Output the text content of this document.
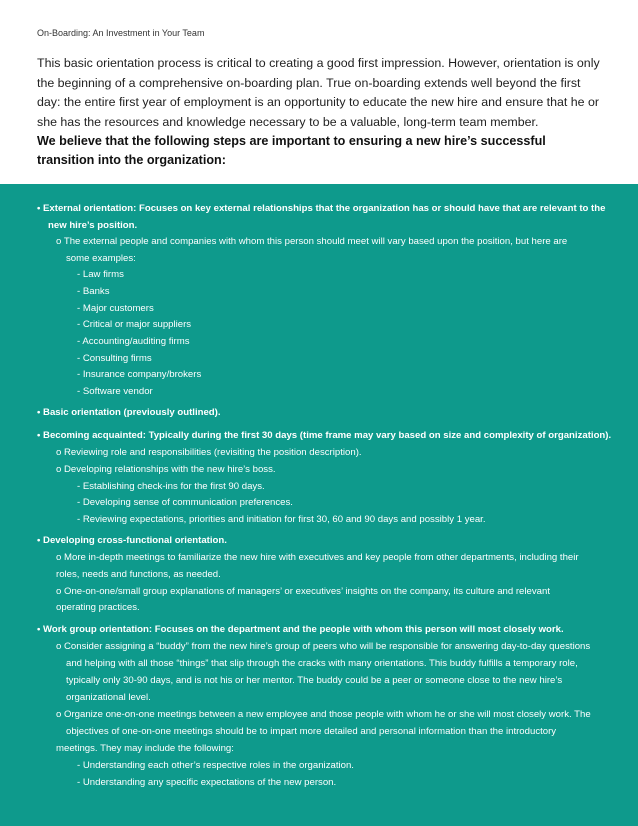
On-Boarding: An Investment in Your Team

This basic orientation process is critical to creating a good first impression. However, orientation is only the beginning of a comprehensive on-boarding plan. True on-boarding extends well beyond the first day: the entire first year of employment is an opportunity to educate the new hire and ensure that he or she has the resources and knowledge necessary to be a valuable, long-term team member.

We believe that the following steps are important to ensuring a new hire’s successful transition into the organization:

• External orientation: Focuses on key external relationships that the organization has or should have that are relevant to the
new hire’s position.
o The external people and companies with whom this person should meet will vary based upon the position, but here are
some examples:
- Law firms
- Banks
- Major customers
- Critical or major suppliers
- Accounting/auditing firms
- Consulting firms
- Insurance company/brokers
- Software vendor
• Basic orientation (previously outlined).
• Becoming acquainted: Typically during the first 30 days (time frame may vary based on size and complexity of organization).
o Reviewing role and responsibilities (revisiting the position description).
o Developing relationships with the new hire’s boss.
- Establishing check-ins for the first 90 days.
- Developing sense of communication preferences.
- Reviewing expectations, priorities and initiation for first 30, 60 and 90 days and possibly 1 year.
• Developing cross-functional orientation.
o More in-depth meetings to familiarize the new hire with executives and key people from other departments, including their
roles, needs and functions, as needed.
o One-on-one/small group explanations of managers’ or executives’ insights on the company, its culture and relevant
operating practices.
• Work group orientation: Focuses on the department and the people with whom this person will most closely work.
o Consider assigning a “buddy” from the new hire’s group of peers who will be responsible for answering day-to-day questions
and helping with all those “things” that slip through the cracks with many orientations. This buddy fulfills a temporary role,
typically only 30-90 days, and is not his or her mentor. The buddy could be a peer or someone close to the new hire’s
organizational level.
o Organize one-on-one meetings between a new employee and those people with whom he or she will most closely work. The
objectives of one-on-one meetings should be to impart more detailed and personal information than the introductory
meetings. They may include the following:
- Understanding each other’s respective roles in the organization.
- Understanding any specific expectations of the new person.
